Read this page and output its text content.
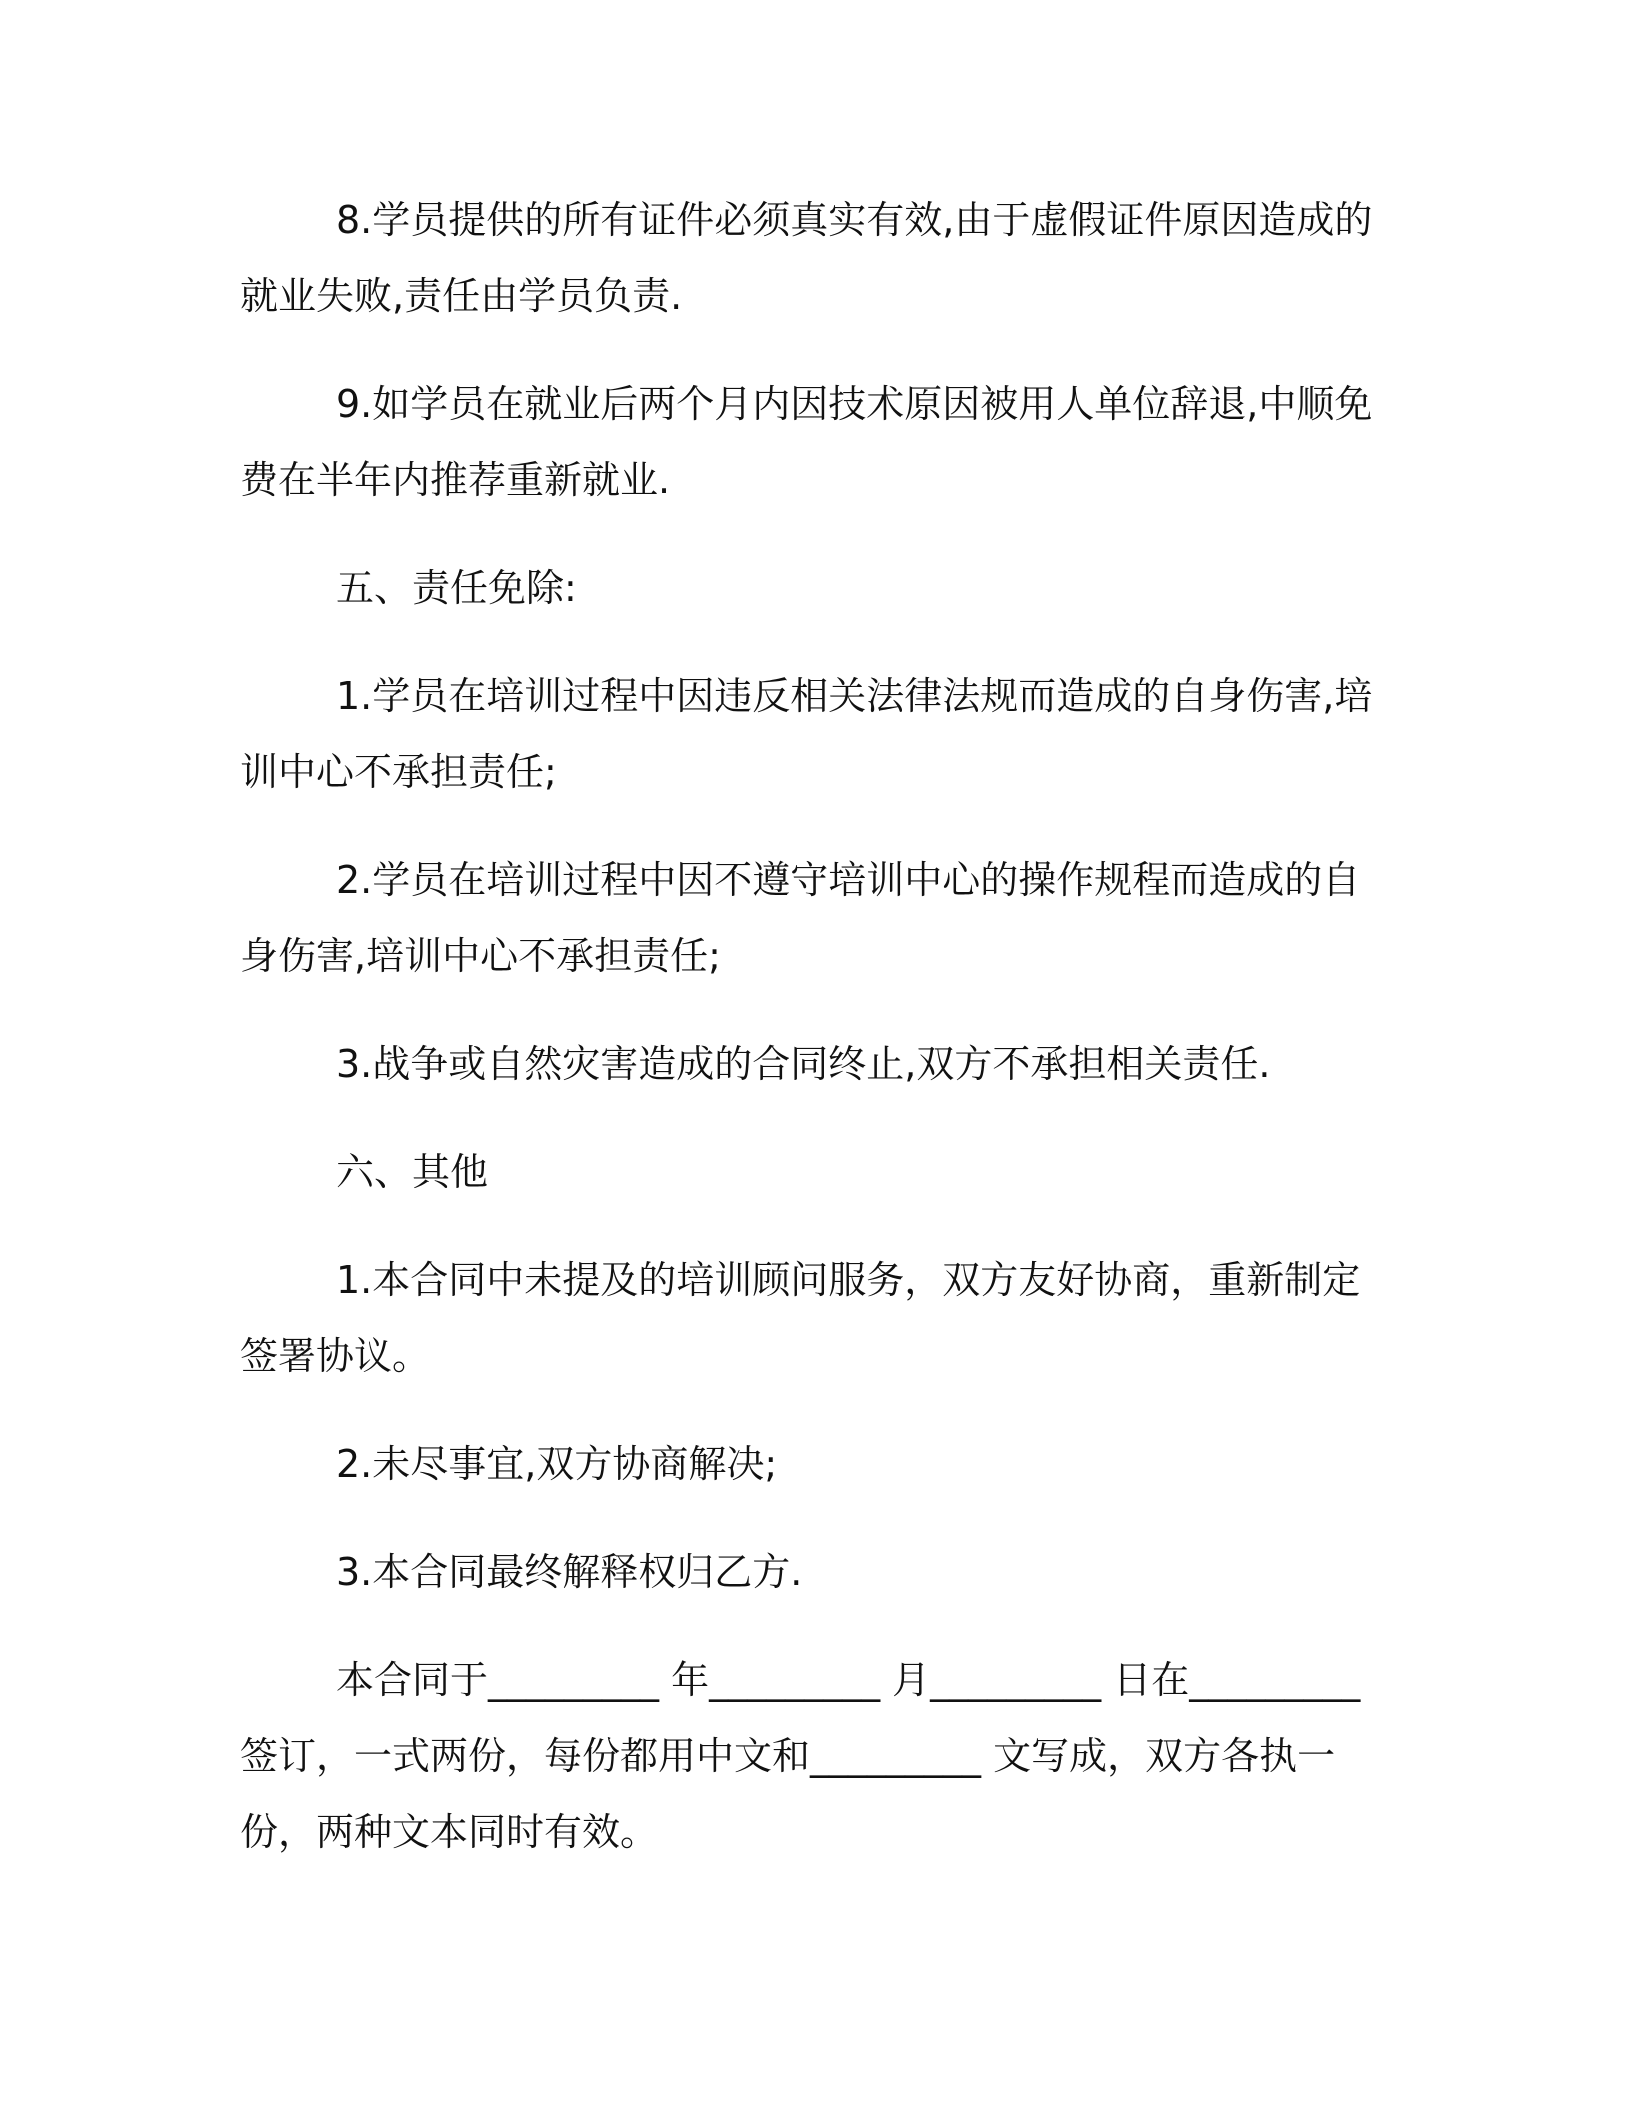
8.学员提供的所有证件必须真实有效,由于虚假证件原因造成的就业失败,责任由学员负责.

9.如学员在就业后两个月内因技术原因被用人单位辞退,中顺免费在半年内推荐重新就业.

五、责任免除:

1.学员在培训过程中因违反相关法律法规而造成的自身伤害,培训中心不承担责任;

2.学员在培训过程中因不遵守培训中心的操作规程而造成的自身伤害,培训中心不承担责任;

3.战争或自然灾害造成的合同终止,双方不承担相关责任.

六、其他

1.本合同中未提及的培训顾问服务，双方友好协商，重新制定签署协议。

2.未尽事宜,双方协商解决;

3.本合同最终解释权归乙方.

本合同于_________ 年_________ 月_________ 日在_________ 签订，一式两份，每份都用中文和_________ 文写成，双方各执一份，两种文本同时有效。
